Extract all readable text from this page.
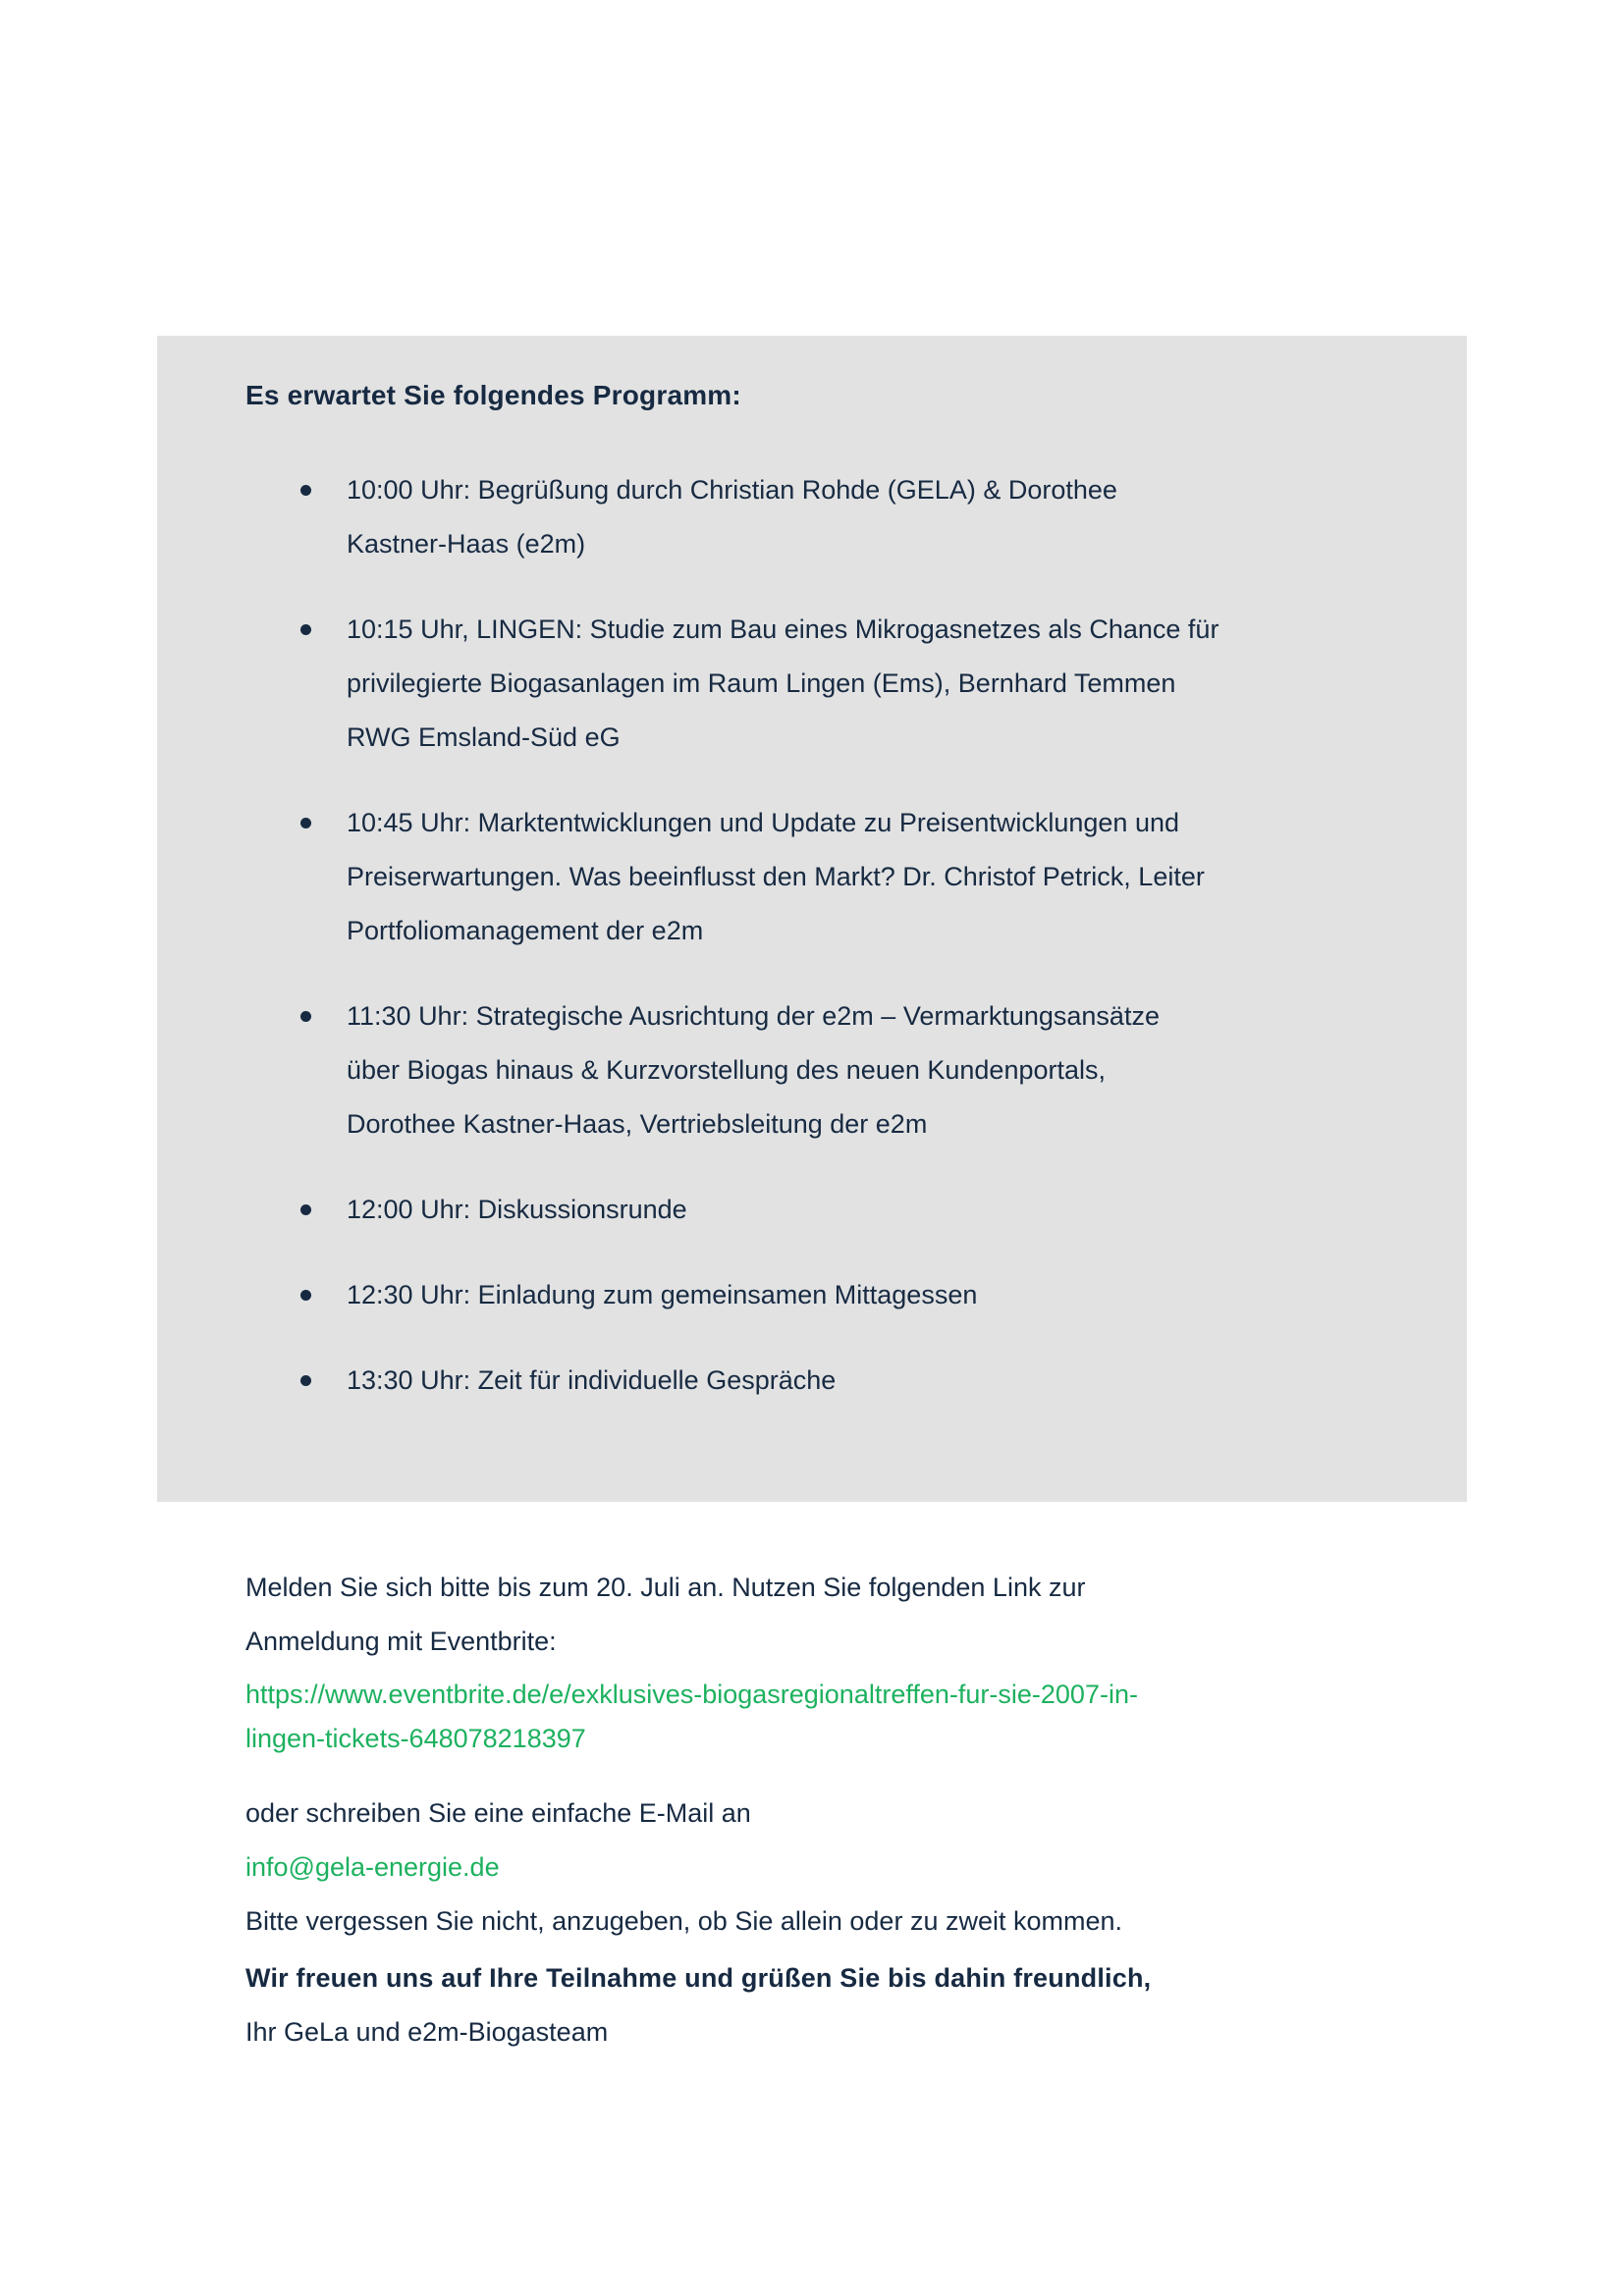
Es erwartet Sie folgendes Programm:
10:00 Uhr: Begrüßung durch Christian Rohde (GELA) & Dorothee
Kastner-Haas (e2m)
10:15 Uhr, LINGEN: Studie zum Bau eines Mikrogasnetzes als Chance für
privilegierte Biogasanlagen im Raum Lingen (Ems), Bernhard Temmen
RWG Emsland-Süd eG
10:45 Uhr: Marktentwicklungen und Update zu Preisentwicklungen und
Preiserwartungen. Was beeinflusst den Markt? Dr. Christof Petrick, Leiter
Portfoliomanagement der e2m
11:30 Uhr: Strategische Ausrichtung der e2m – Vermarktungsansätze
über Biogas hinaus & Kurzvorstellung des neuen Kundenportals,
Dorothee Kastner-Haas, Vertriebsleitung der e2m
12:00 Uhr: Diskussionsrunde
12:30 Uhr: Einladung zum gemeinsamen Mittagessen
13:30 Uhr: Zeit für individuelle Gespräche
Melden Sie sich bitte bis zum 20. Juli an. Nutzen Sie folgenden Link zur
Anmeldung mit Eventbrite:
https://www.eventbrite.de/e/exklusives-biogasregionaltreffen-fur-sie-2007-in-
lingen-tickets-648078218397
oder schreiben Sie eine einfache E-Mail an
info@gela-energie.de
Bitte vergessen Sie nicht, anzugeben, ob Sie allein oder zu zweit kommen.
Wir freuen uns auf Ihre Teilnahme und grüßen Sie bis dahin freundlich,
Ihr GeLa und e2m-Biogasteam
